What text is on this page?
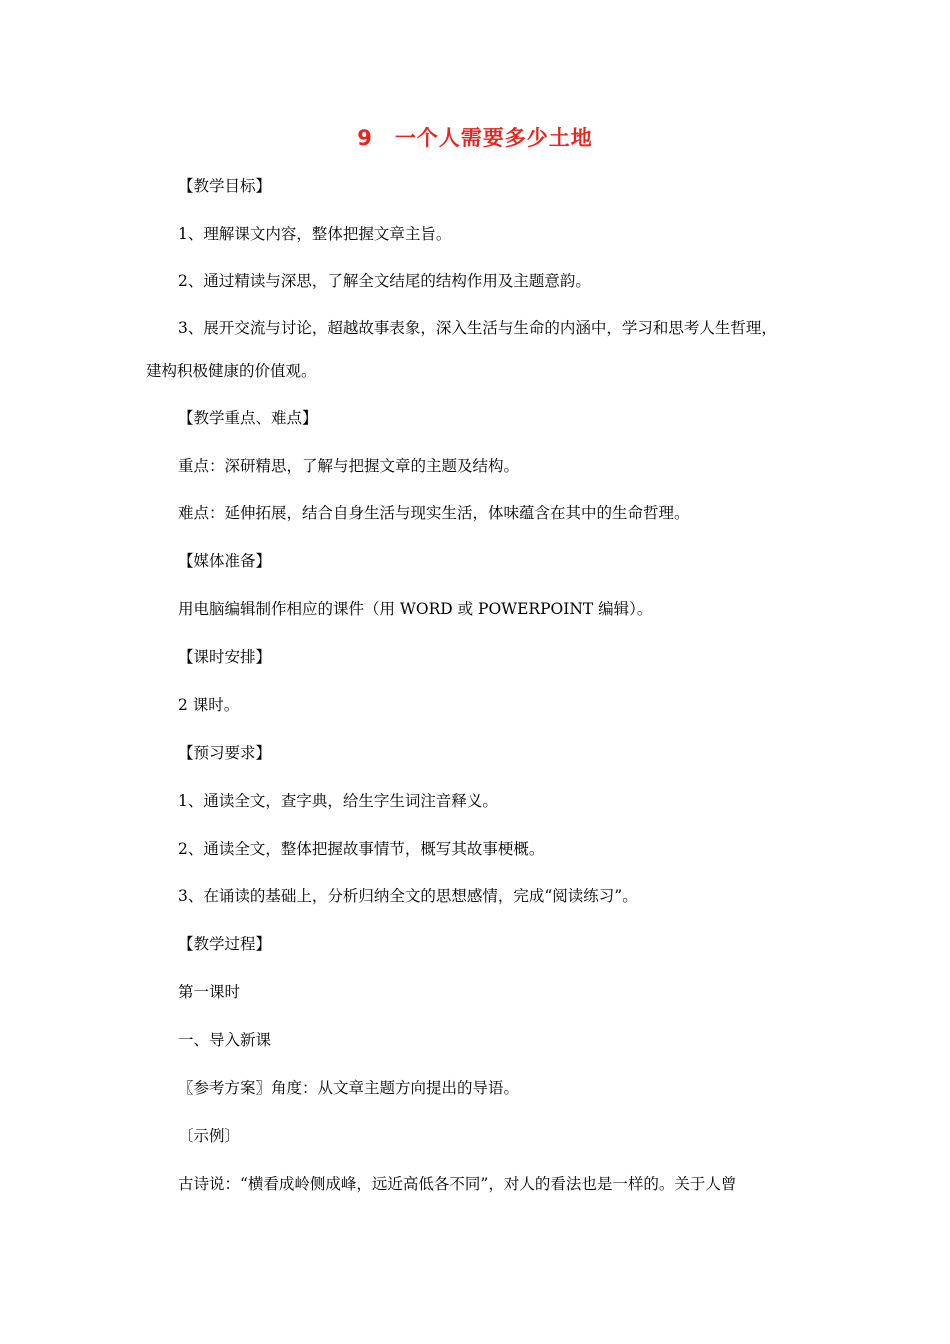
9 一个人需要多少土地
【教学目标】
1、理解课文内容，整体把握文章主旨。
2、通过精读与深思，了解全文结尾的结构作用及主题意韵。
3、展开交流与讨论，超越故事表象，深入生活与生命的内涵中，学习和思考人生哲理，
建构积极健康的价值观。
【教学重点、难点】
重点：深研精思，了解与把握文章的主题及结构。
难点：延伸拓展，结合自身生活与现实生活，体味蕴含在其中的生命哲理。
【媒体准备】
用电脑编辑制作相应的课件（用 WORD 或 POWERPOINT 编辑）。
【课时安排】
2 课时。
【预习要求】
1、通读全文，查字典，给生字生词注音释义。
2、通读全文，整体把握故事情节，概写其故事梗概。
3、在诵读的基础上，分析归纳全文的思想感情，完成“阅读练习”。
【教学过程】
第一课时
一、导入新课
〖参考方案〗角度：从文章主题方向提出的导语。
〔示例〕
古诗说：“横看成岭侧成峰，远近高低各不同”，对人的看法也是一样的。关于人曾
